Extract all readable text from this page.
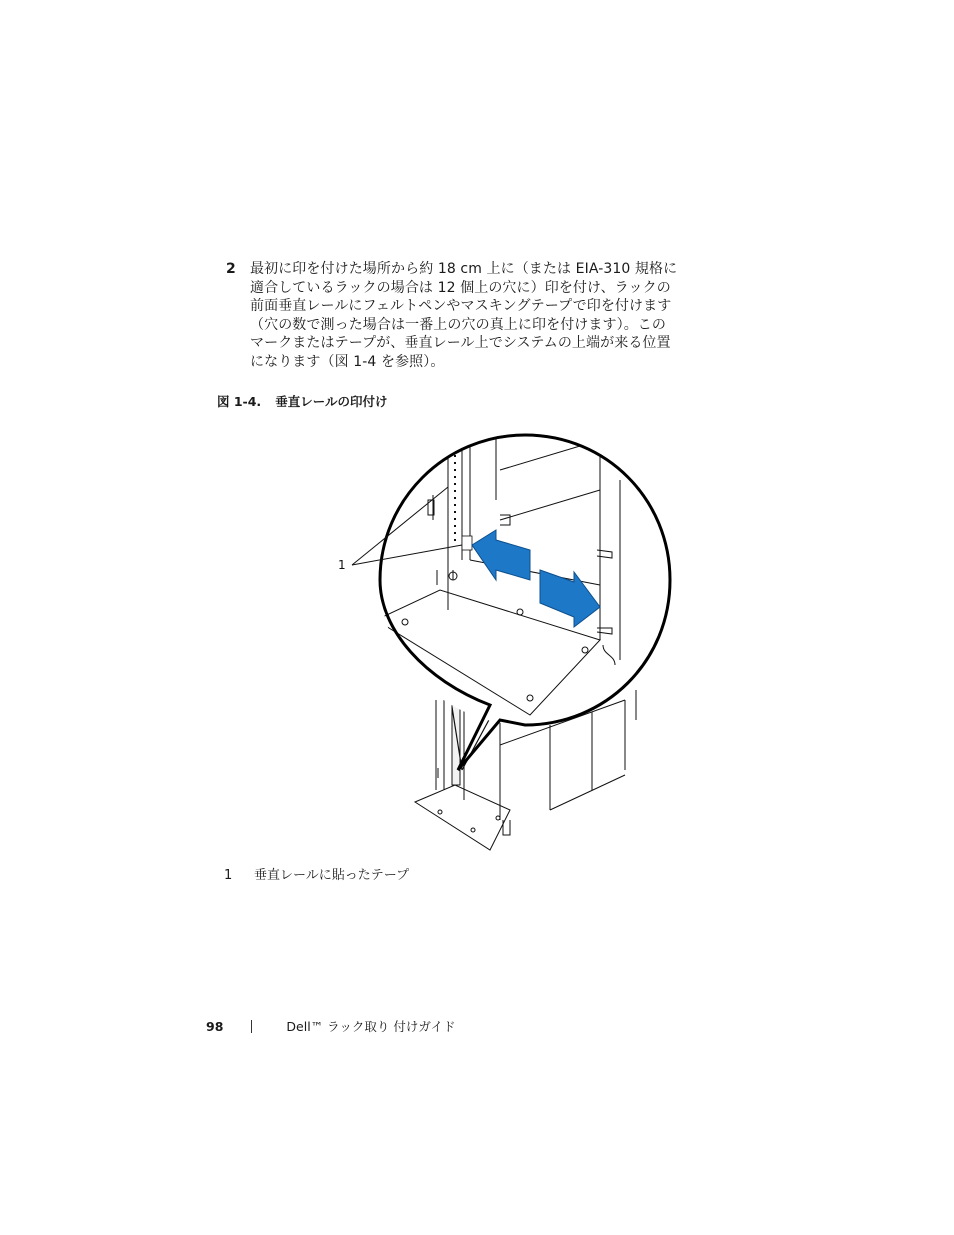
2 最初に印を付けた場所から約 18 cm 上に（または EIA-310 規格に
適合しているラックの場合は 12 個上の穴に）印を付け、ラックの
前面垂直レールにフェルトペンやマスキングテープで印を付けます
（穴の数で測った場合は一番上の穴の真上に印を付けます）。この
マークまたはテープが、垂直レール上でシステムの上端が来る位置
になります（図 1-4 を参照）。
図 1-4. 垂直レールの印付け
1
1 垂直レールに貼ったテープ
98	Dell™ ラック取り 付けガイド
